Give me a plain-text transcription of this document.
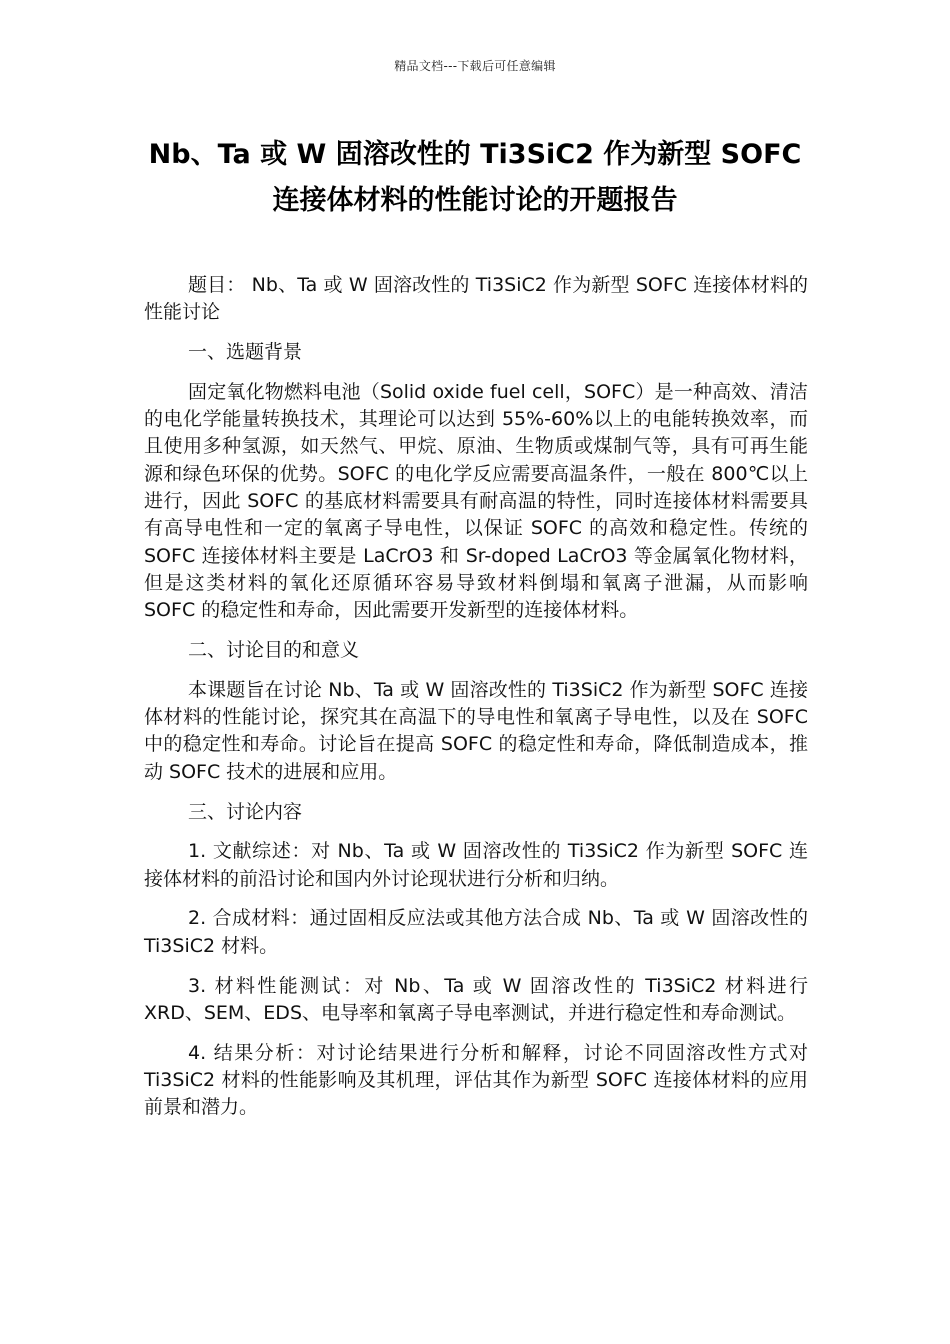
精品文档---下载后可任意编辑
Nb、Ta 或 W 固溶改性的 Ti3SiC2 作为新型 SOFC
连接体材料的性能讨论的开题报告

题目： Nb、Ta 或 W 固溶改性的 Ti3SiC2 作为新型 SOFC 连接体材料的性能讨论

一、选题背景

固定氧化物燃料电池（Solid oxide fuel cell，SOFC）是一种高效、清洁的电化学能量转换技术，其理论可以达到 55%-60%以上的电能转换效率，而且使用多种氢源，如天然气、甲烷、原油、生物质或煤制气等，具有可再生能源和绿色环保的优势。SOFC 的电化学反应需要高温条件，一般在 800℃以上进行，因此 SOFC 的基底材料需要具有耐高温的特性，同时连接体材料需要具有高导电性和一定的氧离子导电性，以保证 SOFC 的高效和稳定性。传统的 SOFC 连接体材料主要是 LaCrO3 和 Sr-doped LaCrO3 等金属氧化物材料，但是这类材料的氧化还原循环容易导致材料倒塌和氧离子泄漏，从而影响 SOFC 的稳定性和寿命，因此需要开发新型的连接体材料。

二、讨论目的和意义

本课题旨在讨论 Nb、Ta 或 W 固溶改性的 Ti3SiC2 作为新型 SOFC 连接体材料的性能讨论，探究其在高温下的导电性和氧离子导电性，以及在 SOFC 中的稳定性和寿命。讨论旨在提高 SOFC 的稳定性和寿命，降低制造成本，推动 SOFC 技术的进展和应用。

三、讨论内容

1. 文献综述：对 Nb、Ta 或 W 固溶改性的 Ti3SiC2 作为新型 SOFC 连接体材料的前沿讨论和国内外讨论现状进行分析和归纳。

2. 合成材料：通过固相反应法或其他方法合成 Nb、Ta 或 W 固溶改性的 Ti3SiC2 材料。

3. 材料性能测试：对 Nb、Ta 或 W 固溶改性的 Ti3SiC2 材料进行 XRD、SEM、EDS、电导率和氧离子导电率测试，并进行稳定性和寿命测试。

4. 结果分析：对讨论结果进行分析和解释，讨论不同固溶改性方式对 Ti3SiC2 材料的性能影响及其机理，评估其作为新型 SOFC 连接体材料的应用前景和潜力。
